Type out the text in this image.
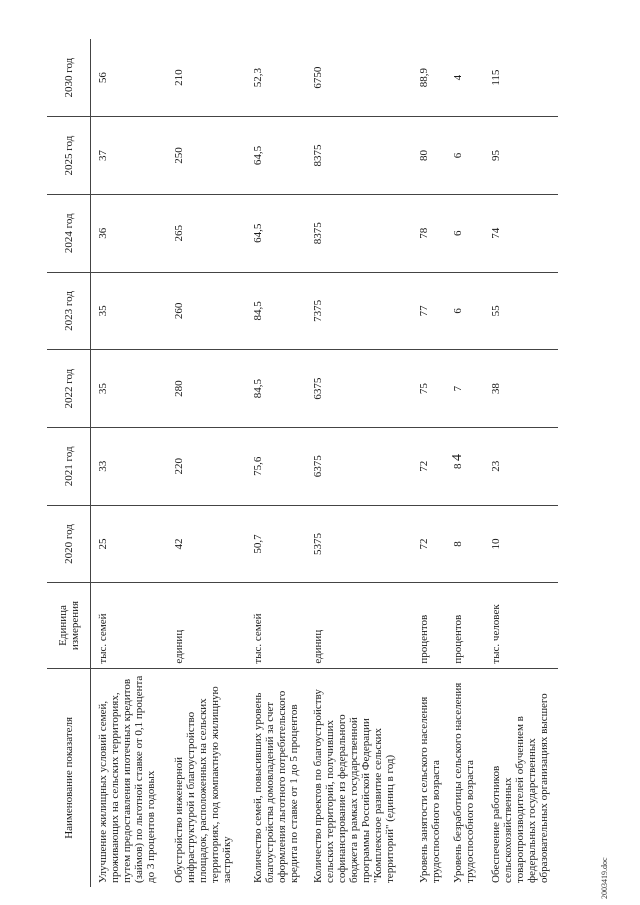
4
Наименование показателя	Единица измерения	2020 год	2021 год	2022 год	2023 год	2024 год	2025 год	2030 год
Улучшение жилищных условий семей, проживающих на сельских территориях, путем предоставления ипотечных кредитов (займов) по льготной ставке от 0,1 процента до 3 процентов годовых	тыс. семей	25	33	35	35	36	37	56
Обустройство инженерной инфраструктурой и благоустройство площадок, расположенных на сельских территориях, под компактную жилищную застройку	единиц	42	220	280	260	265	250	210
Количество семей, повысивших уровень благоустройства домовладений за счет оформления льготного потребительского кредита по ставке от 1 до 5 процентов	тыс. семей	50,7	75,6	84,5	84,5	64,5	64,5	52,3
Количество проектов по благоустройству сельских территорий, получивших софинансирование из федерального бюджета в рамках государственной программы Российской Федерации "Комплексное развитие сельских территорий" (единиц в год)	единиц	5375	6375	6375	7375	8375	8375	6750
Уровень занятости сельского населения трудоспособного возраста	процентов	72	72	75	77	78	80	88,9
Уровень безработицы сельского населения трудоспособного возраста	процентов	8	8	7	6	6	6	4
Обеспечение работников сельскохозяйственных товаропроизводителей обучением в федеральных государственных образовательных организациях высшего	тыс. человек	10	23	38	55	74	95	115
2003419.doc
